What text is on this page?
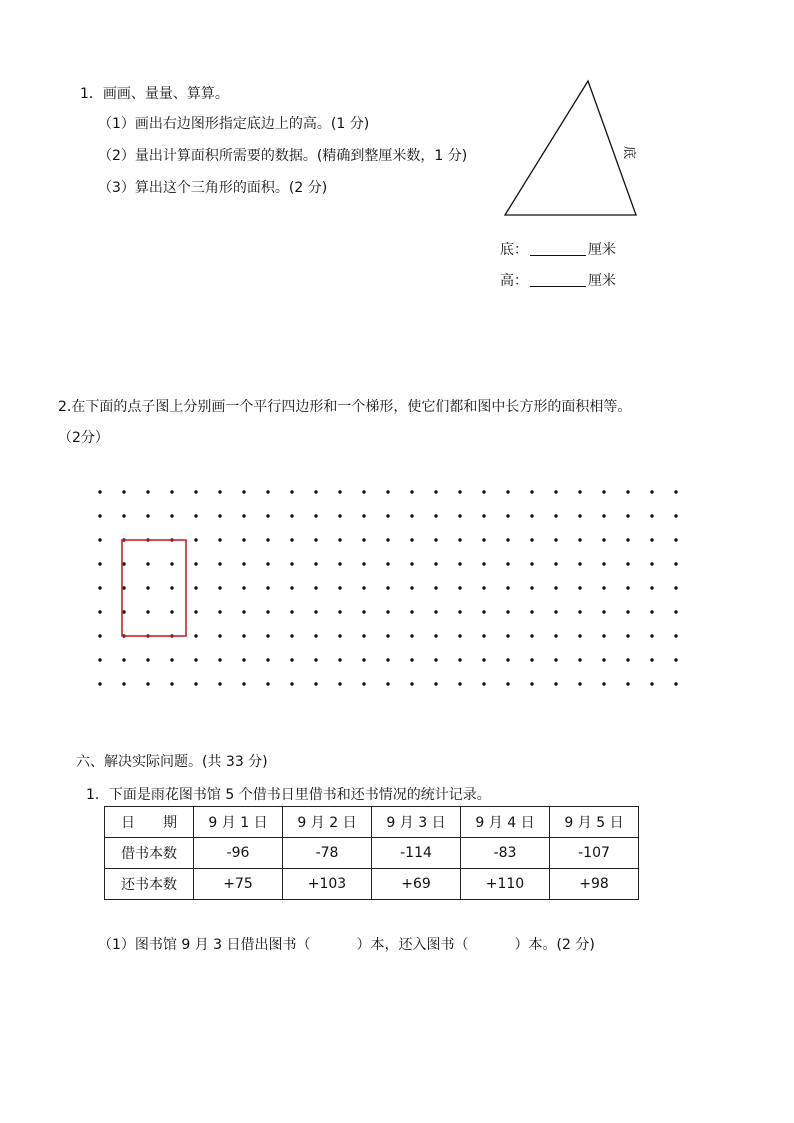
1．画画、量量、算算。
（1）画出右边图形指定底边上的高。(1 分)
（2）量出计算面积所需要的数据。(精确到整厘米数，1 分)
（3）算出这个三角形的面积。(2 分)
底
底：	厘米
高：	厘米
2.在下面的点子图上分别画一个平行四边形和一个梯形，使它们都和图中长方形的面积相等。
（2分）
六、解决实际问题。(共 33 分)
1．下面是雨花图书馆 5 个借书日里借书和还书情况的统计记录。
日　　期	9 月 1 日	9 月 2 日	9 月 3 日	9 月 4 日	9 月 5 日
借书本数	-96	-78	-114	-83	-107
还书本数	+75	+103	+69	+110	+98
（1）图书馆 9 月 3 日借出图书（	）本，还入图书（	）本。(2 分)
